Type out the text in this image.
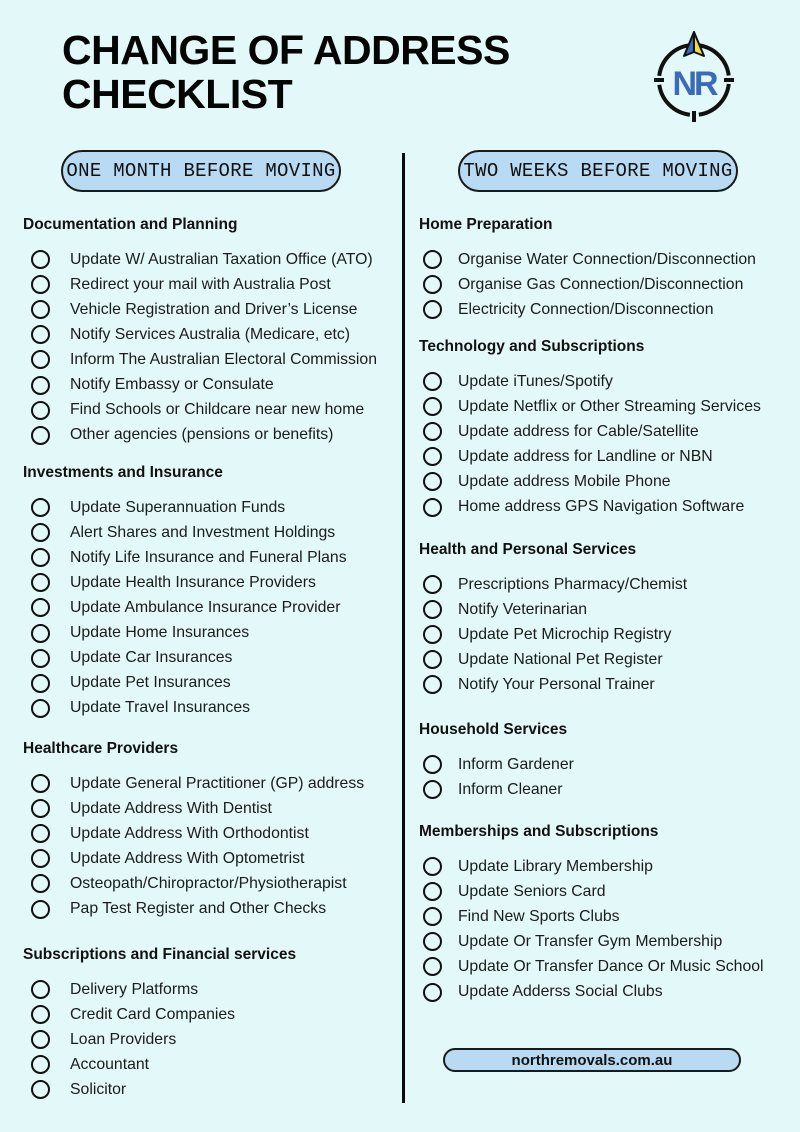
CHANGE OF ADDRESS
CHECKLIST	NR
ONE MONTH BEFORE MOVING	TWO WEEKS BEFORE MOVING
Documentation and Planning
Update W/ Australian Taxation Office (ATO)
Redirect your mail with Australia Post
Vehicle Registration and Driver’s License
Notify Services Australia (Medicare, etc)
Inform The Australian Electoral Commission
Notify Embassy or Consulate
Find Schools or Childcare near new home
Other agencies (pensions or benefits)
Investments and Insurance
Update Superannuation Funds
Alert Shares and Investment Holdings
Notify Life Insurance and Funeral Plans
Update Health Insurance Providers
Update Ambulance Insurance Provider
Update Home Insurances
Update Car Insurances
Update Pet Insurances
Update Travel Insurances
Healthcare Providers
Update General Practitioner (GP) address
Update Address With Dentist
Update Address With Orthodontist
Update Address With Optometrist
Osteopath/Chiropractor/Physiotherapist
Pap Test Register and Other Checks
Subscriptions and Financial services
Delivery Platforms
Credit Card Companies
Loan Providers
Accountant
Solicitor
Home Preparation
Organise Water Connection/Disconnection
Organise Gas Connection/Disconnection
Electricity Connection/Disconnection
Technology and Subscriptions
Update iTunes/Spotify
Update Netflix or Other Streaming Services
Update address for Cable/Satellite
Update address for Landline or NBN
Update address Mobile Phone
Home address GPS Navigation Software
Health and Personal Services
Prescriptions Pharmacy/Chemist
Notify Veterinarian
Update Pet Microchip Registry
Update National Pet Register
Notify Your Personal Trainer
Household Services
Inform Gardener
Inform Cleaner
Memberships and Subscriptions
Update Library Membership
Update Seniors Card
Find New Sports Clubs
Update Or Transfer Gym Membership
Update Or Transfer Dance Or Music School
Update Adderss Social Clubs
northremovals.com.au
